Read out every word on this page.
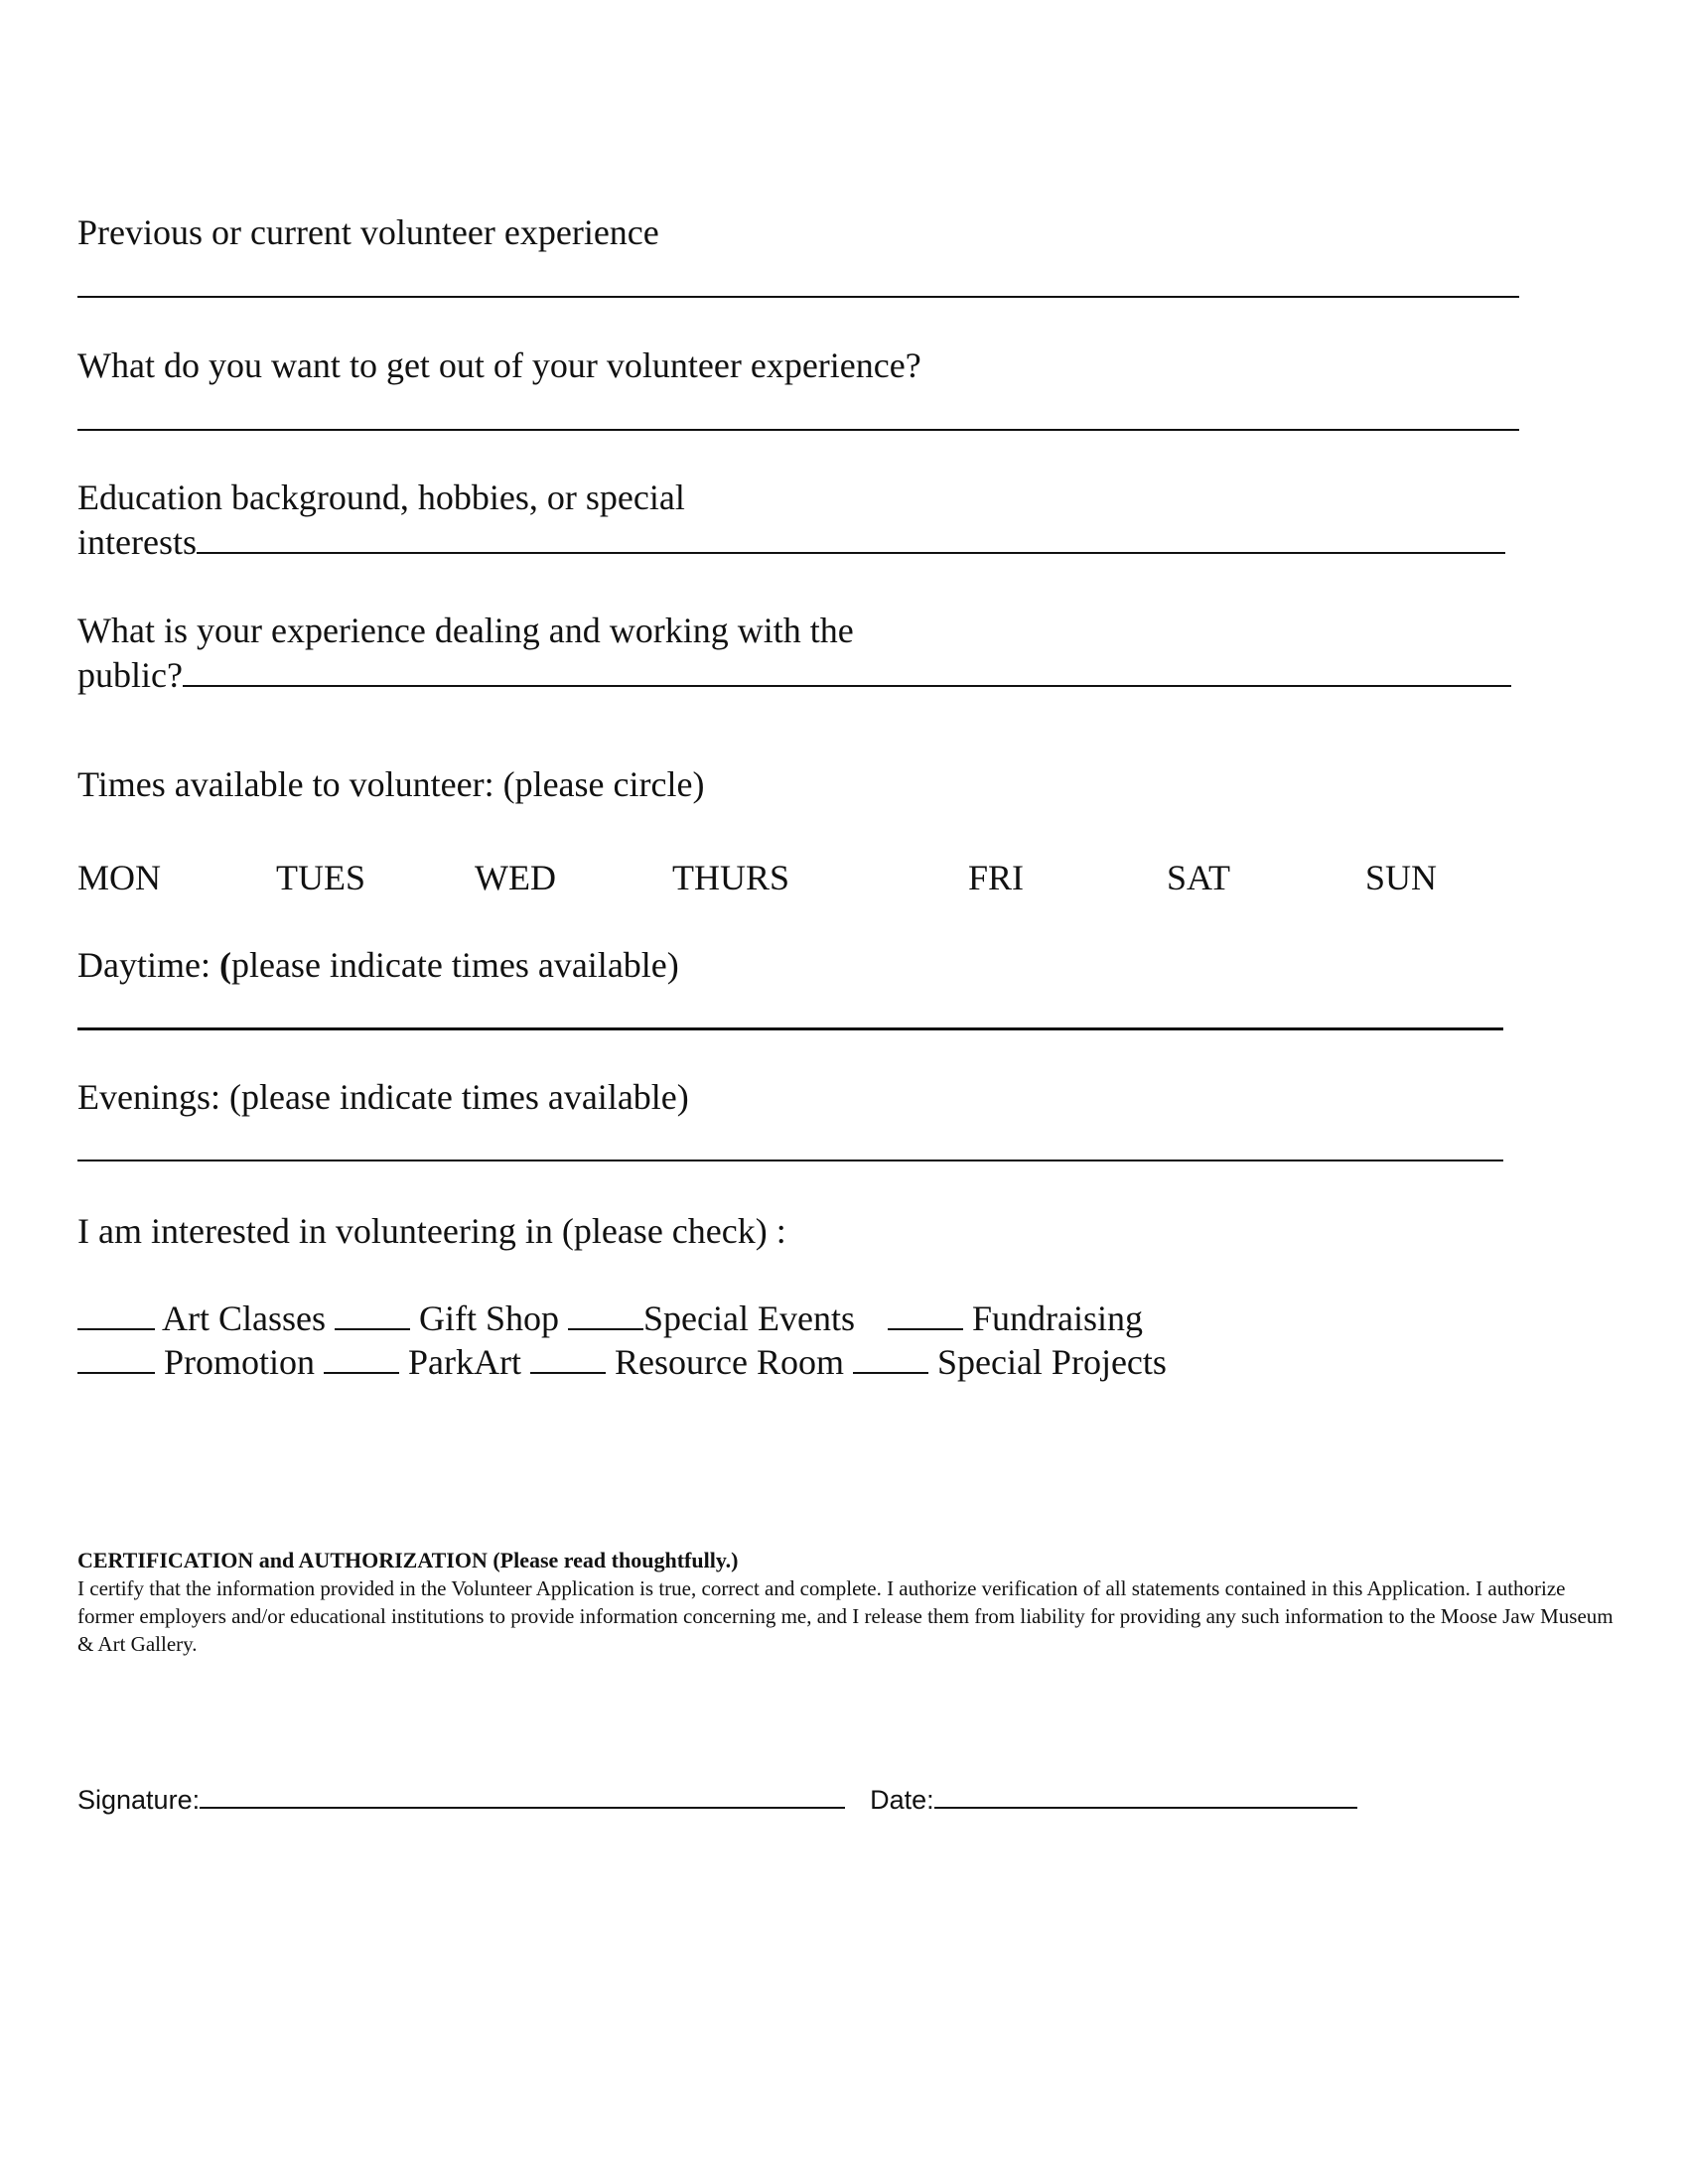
Previous or current volunteer experience
What do you want to get out of your volunteer experience?
Education background, hobbies, or special
interests
What is your experience dealing and working with the
public?
Times available to volunteer: (please circle)
MON	TUES	WED	THURS	FRI	SAT	SUN
Daytime: (please indicate times available)
Evenings: (please indicate times available)
I am interested in volunteering in (please check) :
Art Classes	Gift Shop Special Events	Fundraising
Promotion	ParkArt	Resource Room	Special Projects
CERTIFICATION and AUTHORIZATION (Please read thoughtfully.)
I certify that the information provided in the Volunteer Application is true, correct and complete. I authorize verification of all statements contained in this Application. I authorize former employers and/or educational institutions to provide information concerning me, and I release them from liability for providing any such information to the Moose Jaw Museum & Art Gallery.
Signature:	Date:
